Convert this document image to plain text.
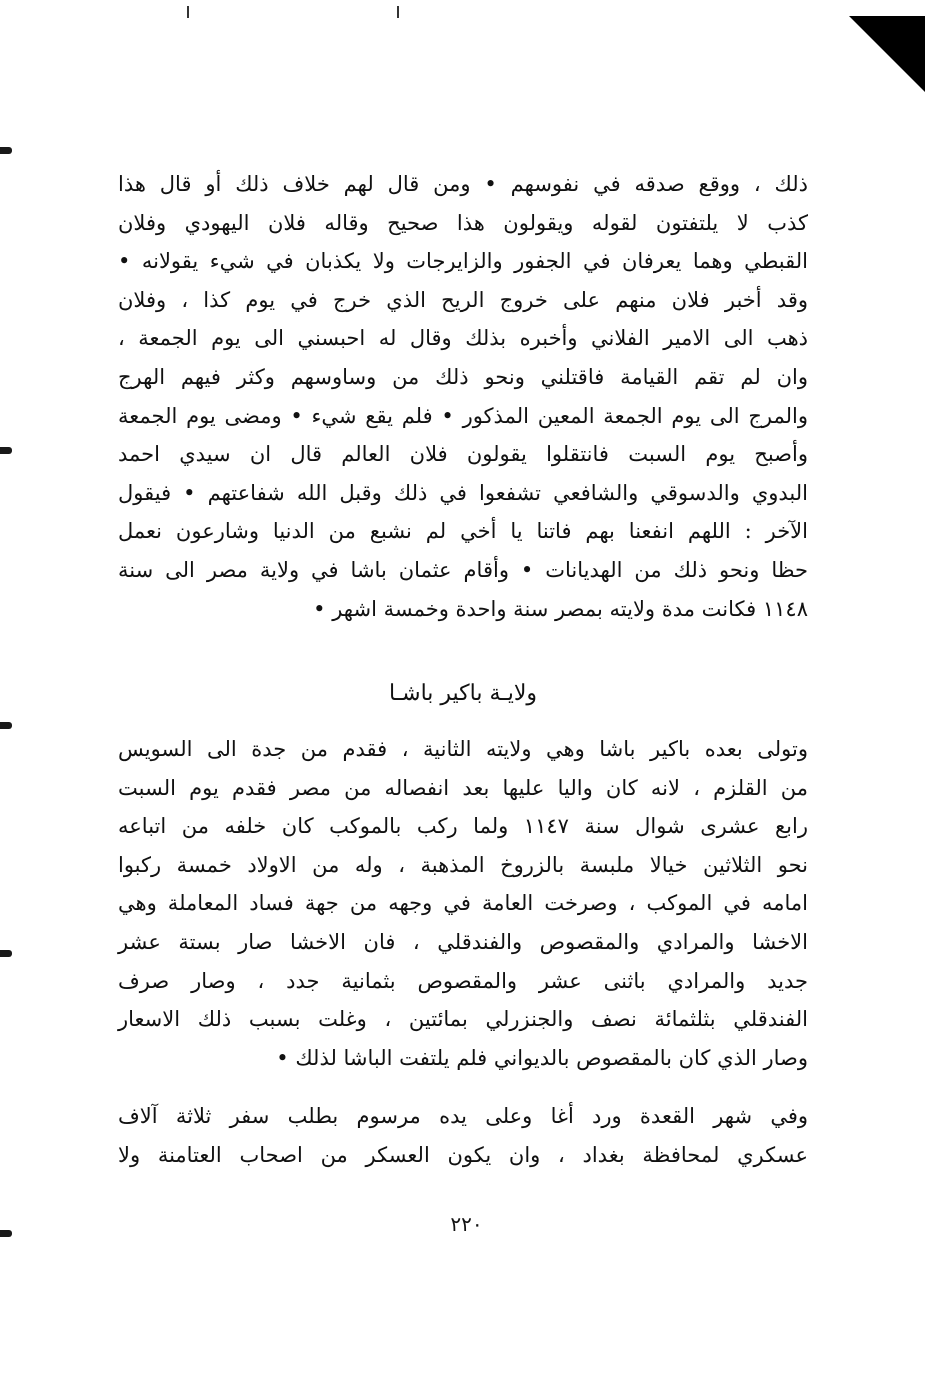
ذلك ، ووقع صدقه في نفوسهم • ومن قال لهم خلاف ذلك أو قال هذا
كذب لا يلتفتون لقوله ويقولون هذا صحيح وقاله فلان اليهودي وفلان
القبطي وهما يعرفان في الجفور والزايرجات ولا يكذبان في شيء يقولانه •
وقد أخبر فلان منهم على خروج الريح الذي خرج في يوم كذا ، وفلان
ذهب الى الامير الفلاني وأخبره بذلك وقال له احبسني الى يوم الجمعة ،
وان لم تقم القيامة فاقتلني ونحو ذلك من وساوسهم وكثر فيهم الهرج
والمرج الى يوم الجمعة المعين المذكور • فلم يقع شيء • ومضى يوم الجمعة
وأصبح يوم السبت فانتقلوا يقولون فلان العالم قال ان سيدي احمد
البدوي والدسوقي والشافعي تشفعوا في ذلك وقبل الله شفاعتهم • فيقول
الآخر : اللهم انفعنا بهم فاتنا يا أخي لم نشبع من الدنيا وشارعون نعمل
حظا ونحو ذلك من الهديانات • وأقام عثمان باشا في ولاية مصر الى سنة
١١٤٨ فكانت مدة ولايته بمصر سنة واحدة وخمسة اشهر •
ولايـة باكير باشـا
وتولى بعده باكير باشا وهي ولايته الثانية ، فقدم من جدة الى السويس
من القلزم ، لانه كان واليا عليها بعد انفصاله من مصر فقدم يوم السبت
رابع عشرى شوال سنة ١١٤٧ ولما ركب بالموكب كان خلفه من اتباعه
نحو الثلاثين خيالا ملبسة بالزروخ المذهبة ، وله من الاولاد خمسة ركبوا
امامه في الموكب ، وصرخت العامة في وجهه من جهة فساد المعاملة وهي
الاخشا والمرادي والمقصوص والفندقلي ، فان الاخشا صار بستة عشر
جديد والمرادي باثنى عشر والمقصوص بثمانية جدد ، وصار صرف
الفندقلي بثلثمائة نصف والجنزرلي بمائتين ، وغلت بسبب ذلك الاسعار
وصار الذي كان بالمقصوص بالديواني فلم يلتفت الباشا لذلك •
وفي شهر القعدة ورد أغا وعلى يده مرسوم بطلب سفر ثلاثة آلاف
عسكري لمحافظة بغداد ، وان يكون العسكر من اصحاب العتامنة ولا
٢٢٠
